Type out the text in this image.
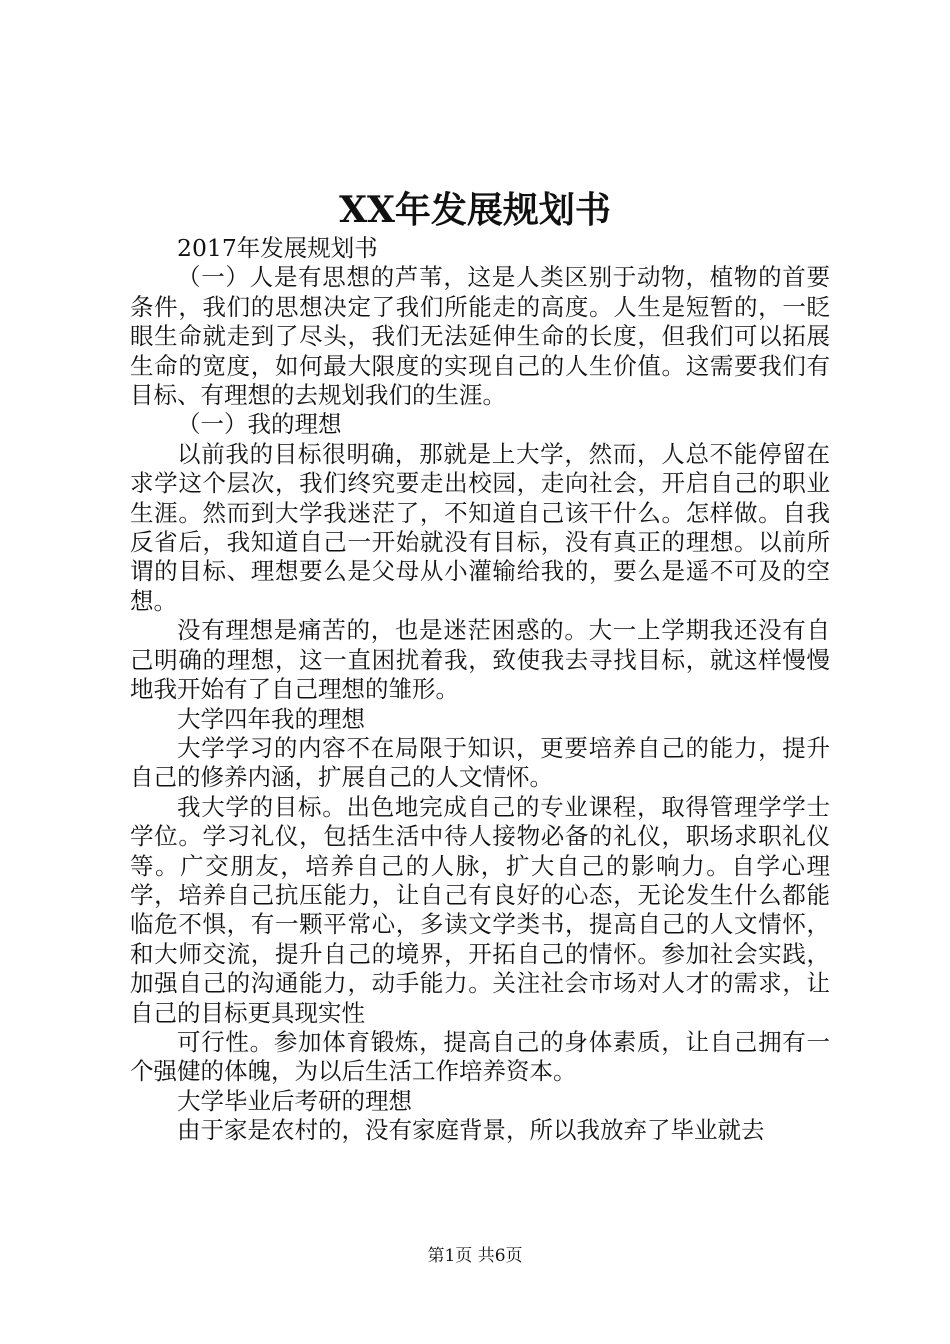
XX年发展规划书

2017年发展规划书

（一）人是有思想的芦苇，这是人类区别于动物，植物的首要条件，我们的思想决定了我们所能走的高度。人生是短暂的，一眨眼生命就走到了尽头，我们无法延伸生命的长度，但我们可以拓展生命的宽度，如何最大限度的实现自己的人生价值。这需要我们有目标、有理想的去规划我们的生涯。

（一）我的理想

以前我的目标很明确，那就是上大学，然而，人总不能停留在求学这个层次，我们终究要走出校园，走向社会，开启自己的职业生涯。然而到大学我迷茫了，不知道自己该干什么。怎样做。自我反省后，我知道自己一开始就没有目标，没有真正的理想。以前所谓的目标、理想要么是父母从小灌输给我的，要么是遥不可及的空想。

没有理想是痛苦的，也是迷茫困惑的。大一上学期我还没有自己明确的理想，这一直困扰着我，致使我去寻找目标，就这样慢慢地我开始有了自己理想的雏形。

大学四年我的理想

大学学习的内容不在局限于知识，更要培养自己的能力，提升自己的修养内涵，扩展自己的人文情怀。

我大学的目标。出色地完成自己的专业课程，取得管理学学士学位。学习礼仪，包括生活中待人接物必备的礼仪，职场求职礼仪等。广交朋友，培养自己的人脉，扩大自己的影响力。自学心理学，培养自己抗压能力，让自己有良好的心态，无论发生什么都能临危不惧，有一颗平常心，多读文学类书，提高自己的人文情怀，和大师交流，提升自己的境界，开拓自己的情怀。参加社会实践，加强自己的沟通能力，动手能力。关注社会市场对人才的需求，让自己的目标更具现实性

可行性。参加体育锻炼，提高自己的身体素质，让自己拥有一个强健的体魄，为以后生活工作培养资本。

大学毕业后考研的理想

由于家是农村的，没有家庭背景，所以我放弃了毕业就去

第1页 共6页
